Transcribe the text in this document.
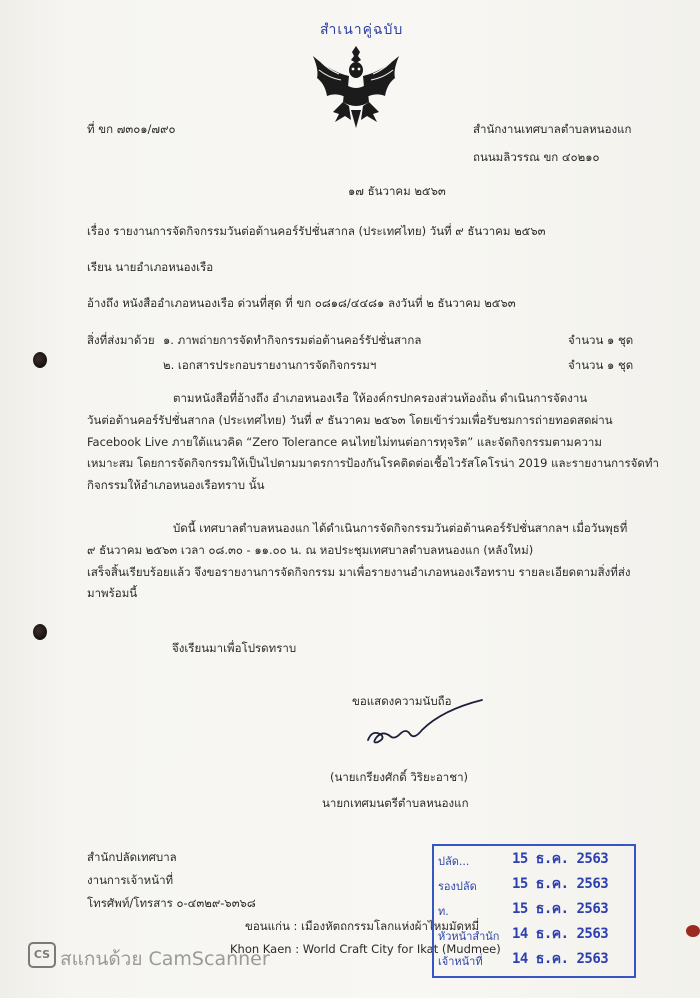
สำเนาคู่ฉบับ
ที่ ขก ๗๓๐๑/๗๙๐	สำนักงานเทศบาลตำบลหนองแก
ถนนมลิวรรณ ขก ๔๐๒๑๐
๑๗ ธันวาคม ๒๕๖๓
เรื่อง รายงานการจัดกิจกรรมวันต่อต้านคอร์รัปชั่นสากล (ประเทศไทย) วันที่ ๙ ธันวาคม ๒๕๖๓
เรียน นายอำเภอหนองเรือ
อ้างถึง หนังสืออำเภอหนองเรือ ด่วนที่สุด ที่ ขก ๐๘๑๘/๔๔๘๑ ลงวันที่ ๒ ธันวาคม ๒๕๖๓
สิ่งที่ส่งมาด้วย ๑. ภาพถ่ายการจัดทำกิจกรรมต่อต้านคอร์รัปชั่นสากล	จำนวน ๑ ชุด
๒. เอกสารประกอบรายงานการจัดกิจกรรมฯ	จำนวน ๑ ชุด
ตามหนังสือที่อ้างถึง อำเภอหนองเรือ ให้องค์กรปกครองส่วนท้องถิ่น ดำเนินการจัดงาน
วันต่อต้านคอร์รัปชั่นสากล (ประเทศไทย) วันที่ ๙ ธันวาคม ๒๕๖๓ โดยเข้าร่วมเพื่อรับชมการถ่ายทอดสดผ่าน
Facebook Live ภายใต้แนวคิด “Zero Tolerance คนไทยไม่ทนต่อการทุจริต” และจัดกิจกรรมตามความ
เหมาะสม โดยการจัดกิจกรรมให้เป็นไปตามมาตรการป้องกันโรคติดต่อเชื้อไวรัสโคโรน่า 2019 และรายงานการจัดทำ
กิจกรรมให้อำเภอหนองเรือทราบ นั้น
บัดนี้ เทศบาลตำบลหนองแก ได้ดำเนินการจัดกิจกรรมวันต่อต้านคอร์รัปชั่นสากลฯ เมื่อวันพุธที่
๙ ธันวาคม ๒๕๖๓ เวลา ๐๘.๓๐ - ๑๑.๐๐ น. ณ หอประชุมเทศบาลตำบลหนองแก (หลังใหม่)
เสร็จสิ้นเรียบร้อยแล้ว จึงขอรายงานการจัดกิจกรรม มาเพื่อรายงานอำเภอหนองเรือทราบ รายละเอียดตามสิ่งที่ส่ง
มาพร้อมนี้
จึงเรียนมาเพื่อโปรดทราบ
ขอแสดงความนับถือ
(นายเกรียงศักดิ์ วิริยะอาชา)
นายกเทศมนตรีตำบลหนองแก
สำนักปลัดเทศบาล
งานการเจ้าหน้าที่
โทรศัพท์/โทรสาร ๐-๔๓๒๙-๖๓๖๘
ขอนแก่น : เมืองหัตถกรรมโลกแห่งผ้าไหมมัดหมี่
Khon Kaen : World Craft City for Ikat (Mudmee)
ปลัด...	15 ธ.ค. 2563
รองปลัด	15 ธ.ค. 2563
ท.	15 ธ.ค. 2563
หัวหน้าสำนัก 14 ธ.ค. 2563
เจ้าหน้าที่ 14 ธ.ค. 2563
CS สแกนด้วย CamScanner
